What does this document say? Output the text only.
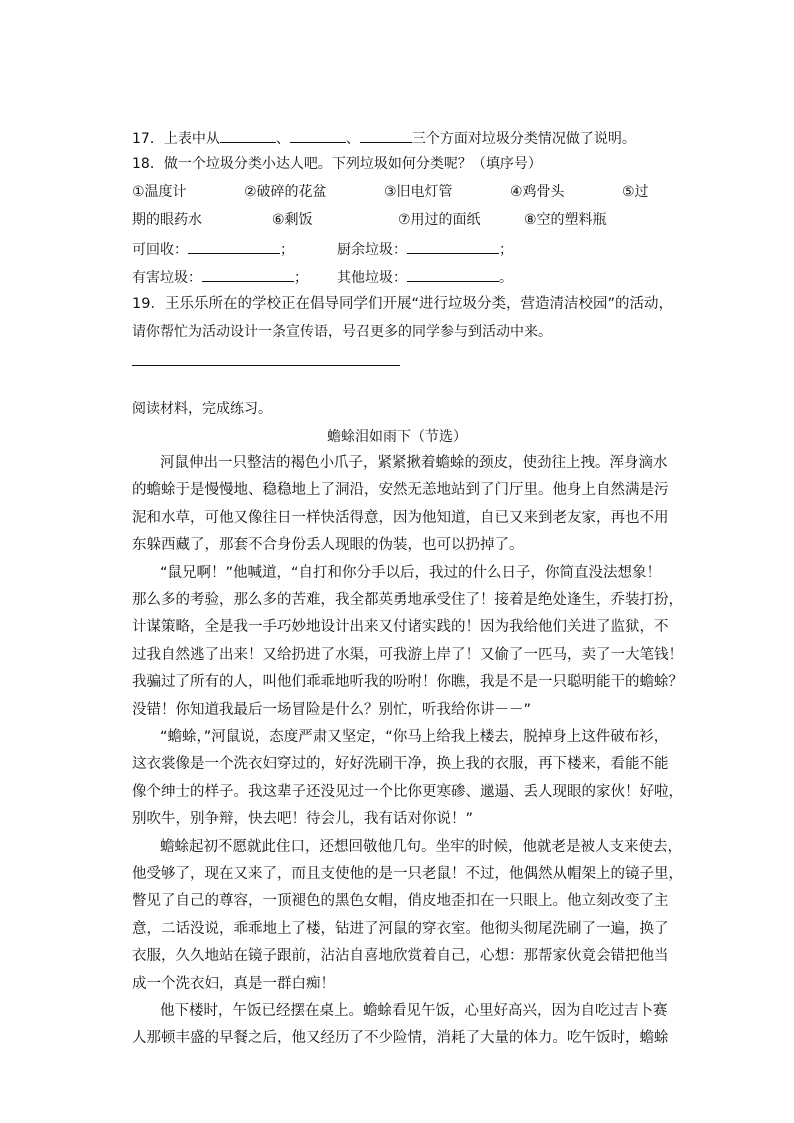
17．上表中从	、	、	三个方面对垃圾分类情况做了说明。
18．做一个垃圾分类小达人吧。下列垃圾如何分类呢？（填序号）
①温度计	②破碎的花盆	③旧电灯管	④鸡骨头	⑤过
期的眼药水	⑥剩饭	⑦用过的面纸	⑧空的塑料瓶
可回收：	；	厨余垃圾：	；
有害垃圾：	； 其他垃圾：	。
19．王乐乐所在的学校正在倡导同学们开展“进行垃圾分类，营造清洁校园”的活动，
请你帮忙为活动设计一条宣传语，号召更多的同学参与到活动中来。
阅读材料，完成练习。
蟾蜍泪如雨下（节选）
河鼠伸出一只整洁的褐色小爪子，紧紧揪着蟾蜍的颈皮，使劲往上拽。浑身滴水
的蟾蜍于是慢慢地、稳稳地上了洞沿，安然无恙地站到了门厅里。他身上自然满是污
泥和水草，可他又像往日一样快活得意，因为他知道，自已又来到老友家，再也不用
东躲西藏了，那套不合身份丢人现眼的伪装，也可以扔掉了。
“鼠兄啊！”他喊道，“自打和你分手以后，我过的什么日子，你简直没法想象！
那么多的考验，那么多的苦难，我全都英勇地承受住了！接着是绝处逢生，乔装打扮，
计谋策略，全是我一手巧妙地设计出来又付诸实践的！因为我给他们关进了监狱，不
过我自然逃了出来！又给扔进了水渠，可我游上岸了！又偷了一匹马，卖了一大笔钱！
我骗过了所有的人，叫他们乖乖地听我的吩咐！你瞧，我是不是一只聪明能干的蟾蜍？
没错！你知道我最后一场冒险是什么？别忙，听我给你讲－－”
“蟾蜍，”河鼠说，态度严肃又坚定，“你马上给我上楼去，脱掉身上这件破布衫，
这衣裳像是一个洗衣妇穿过的，好好洗刷干净，换上我的衣服，再下楼来，看能不能
像个绅士的样子。我这辈子还没见过一个比你更寒碜、邋遢、丢人现眼的家伙！好啦，
别吹牛，别争辩，快去吧！待会儿，我有话对你说！”
蟾蜍起初不愿就此住口，还想回敬他几句。坐牢的时候，他就老是被人支来使去，
他受够了，现在又来了，而且支使他的是一只老鼠！不过，他偶然从帽架上的镜子里，
瞥见了自己的尊容，一顶褪色的黑色女帽，俏皮地歪扣在一只眼上。他立刻改变了主
意，二话没说，乖乖地上了楼，钻进了河鼠的穿衣室。他彻头彻尾洗刷了一遍，换了
衣服，久久地站在镜子跟前，沾沾自喜地欣赏着自己，心想：那帮家伙竟会错把他当
成一个洗衣妇，真是一群白痴！
他下楼时，午饭已经摆在桌上。蟾蜍看见午饭，心里好高兴，因为自吃过吉卜赛
人那顿丰盛的早餐之后，他又经历了不少险情，消耗了大量的体力。吃午饭时，蟾蜍
